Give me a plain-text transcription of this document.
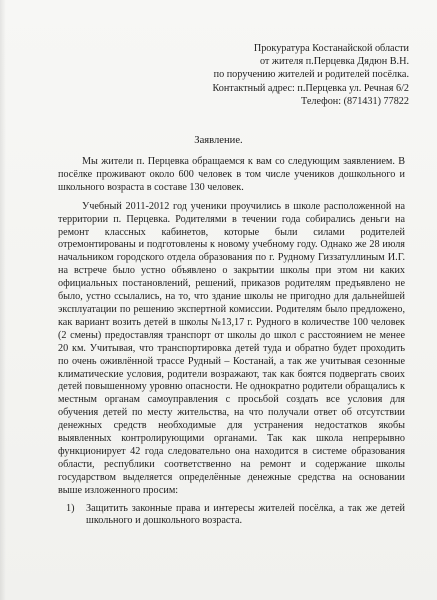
Прокуратура Костанайской области
от жителя п.Перцевка Дядюн В.Н.
по поручению жителей и родителей посёлка.
Контактный адрес: п.Перцевка ул. Речная 6/2
Телефон: (871431) 77822
Заявление.

Мы жители п. Перцевка обращаемся к вам со следующим заявлением. В посёлке проживают около 600 человек в том числе учеников дошкольного и школьного возраста в составе 130 человек.

Учебный 2011-2012 год ученики проучились в школе расположенной на территории п. Перцевка. Родителями в течении года собирались деньги на ремонт классных кабинетов, которые были силами родителей отремонтированы и подготовлены к новому учебному году. Однако же 28 июля начальником городского отдела образования по г. Рудному Гиззатуллиным И.Г. на встрече было устно объявлено о закрытии школы при этом ни каких официальных постановлений, решений, приказов родителям предъявлено не было, устно ссылались, на то, что здание школы не пригодно для дальнейшей эксплуатации по решению экспертной комиссии. Родителям было предложено, как вариант возить детей в школы №13,17 г. Рудного в количестве 100 человек (2 смены) предоставляя транспорт от школы до школ с расстоянием не менее 20 км. Учитывая, что транспортировка детей туда и обратно будет проходить по очень оживлённой трассе Рудный – Костанай, а так же учитывая сезонные климатические условия, родители возражают, так как боятся подвергать своих детей повышенному уровню опасности. Не однократно родители обращались к местным органам самоуправления с просьбой создать все условия для обучения детей по месту жительства, на что получали ответ об отсутствии денежных средств необходимые для устранения недостатков якобы выявленных контролирующими органами. Так как школа непрерывно функционирует 42 года следовательно она находится в системе образования области, республики соответственно на ремонт и содержание школы государством выделяется определённые денежные средства на основании выше изложенного просим:

1) Защитить законные права и интересы жителей посёлка, а так же детей школьного и дошкольного возраста.
